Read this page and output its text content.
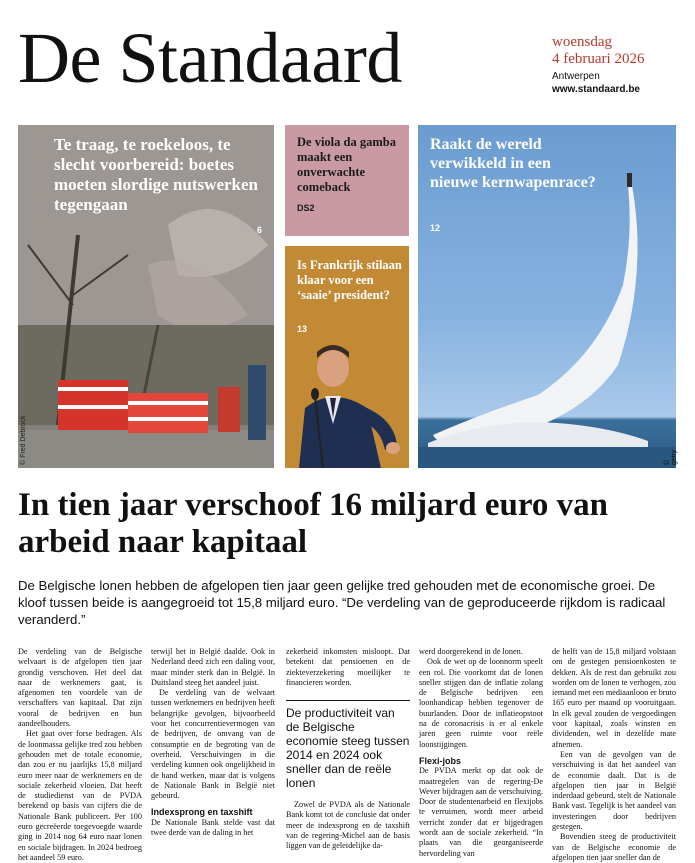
De Standaard	woensdag
4 februari 2026
Antwerpen
www.standaard.be
Te traag, te roekeloos, te slecht voorbereid: boetes moeten slordige nutswerken tegengaan
6
© Fred Debrock
De viola da gamba maakt een onverwachte comeback
DS2
Is Frankrijk stilaan klaar voor een ‘saaie’ president?
13
Raakt de wereld verwikkeld in een nieuwe kernwapenrace?
12
© getty
In tien jaar verschoof 16 miljard euro van arbeid naar kapitaal
De Belgische lonen hebben de afgelopen tien jaar geen gelijke tred gehouden met de economische groei. De kloof tussen beide is aangegroeid tot 15,8 miljard euro. “De verdeling van de geproduceerde rijkdom is radicaal veranderd.”

De verdeling van de Belgische welvaart is de afgelopen tien jaar grondig verschoven. Het deel dat naar de werknemers gaat, is afgenomen ten voordele van de verschaffers van kapitaal. Dat zijn vooral de bedrijven en hun aandeelhouders.

Het gaat over forse bedragen. Als de loonmassa gelijke tred zou hebben gehouden met de totale economie, dan zou er nu jaarlijks 15,8 miljard euro meer naar de werknemers en de sociale zekerheid vloeien. Dat heeft de studiedienst van de PVDA berekend op basis van cijfers die de Nationale Bank publiceert. Per 100 euro gecreëerde toegevoegde waarde ging in 2014 nog 64 euro naar lonen en sociale bijdragen. In 2024 bedroeg het aandeel 59 euro.

terwijl het in België daalde. Ook in Nederland deed zich een daling voor, maar minder sterk dan in België. In Duitsland steeg het aandeel juist.

De verdeling van de welvaart tussen werknemers en bedrijven heeft belangrijke gevolgen, bijvoorbeeld voor het concurrentievermogen van de bedrijven, de omvang van de consumptie en de begroting van de overheid. Verschuivingen in die verdeling kunnen ook ongelijkheid in de hand werken, maar dat is volgens de Nationale Bank in België niet gebeurd.

Indexsprong en taxshift

De Nationale Bank stelde vast dat twee derde van de daling in het

zekerheid inkomsten misloopt. Dat betekent dat pensioenen en de ziekteverzekering moeilijker te financieren worden.

De productiviteit van de Belgische economie steeg tussen 2014 en 2024 ook sneller dan de reële lonen

Zowel de PVDA als de Nationale Bank komt tot de conclusie dat onder meer de indexsprong en de taxshift van de regering-Michel aan de basis liggen van de geleidelijke da-

werd doorgerekend in de lonen.

Ook de wet op de loonnorm speelt een rol. Die voorkomt dat de lonen sneller stijgen dan de inflatie zolang de Belgische bedrijven een loonhandicap hebben tegenover de buurlanden. Door de inflatieopstoot na de coronacrisis is er al enkele jaren geen ruimte voor reële loonstijgingen.

Flexi-jobs

De PVDA merkt op dat ook de maatregelen van de regering-De Wever bijdragen aan de verschuiving. Door de studentenarbeid en flexijobs te verruimen, wordt meer arbeid verricht zonder dat er bijgedragen wordt aan de sociale zekerheid. “In plaats van die georganiseerde hervordeling van

de helft van de 15,8 miljard volstaan om de gestegen pensioenkosten te dekken. Als de rest dan gebruikt zou worden om de lonen te verhogen, zou iemand met een mediaanloon er bruto 165 euro per maand op vooruitgaan. In elk geval zouden de vergoedingen voor kapitaal, zoals winsten en dividenden, wel in dezelfde mate afnemen.

Een van de gevolgen van de verschuiving is dat het aandeel van de economie daalt. Dat is de afgelopen tien jaar in België inderdaad gebeurd, stelt de Nationale Bank vast. Tegelijk is het aandeel van investeringen door bedrijven gestegen.

Bovendien steeg de productiviteit van de Belgische economie de afgelopen tien jaar sneller dan de
